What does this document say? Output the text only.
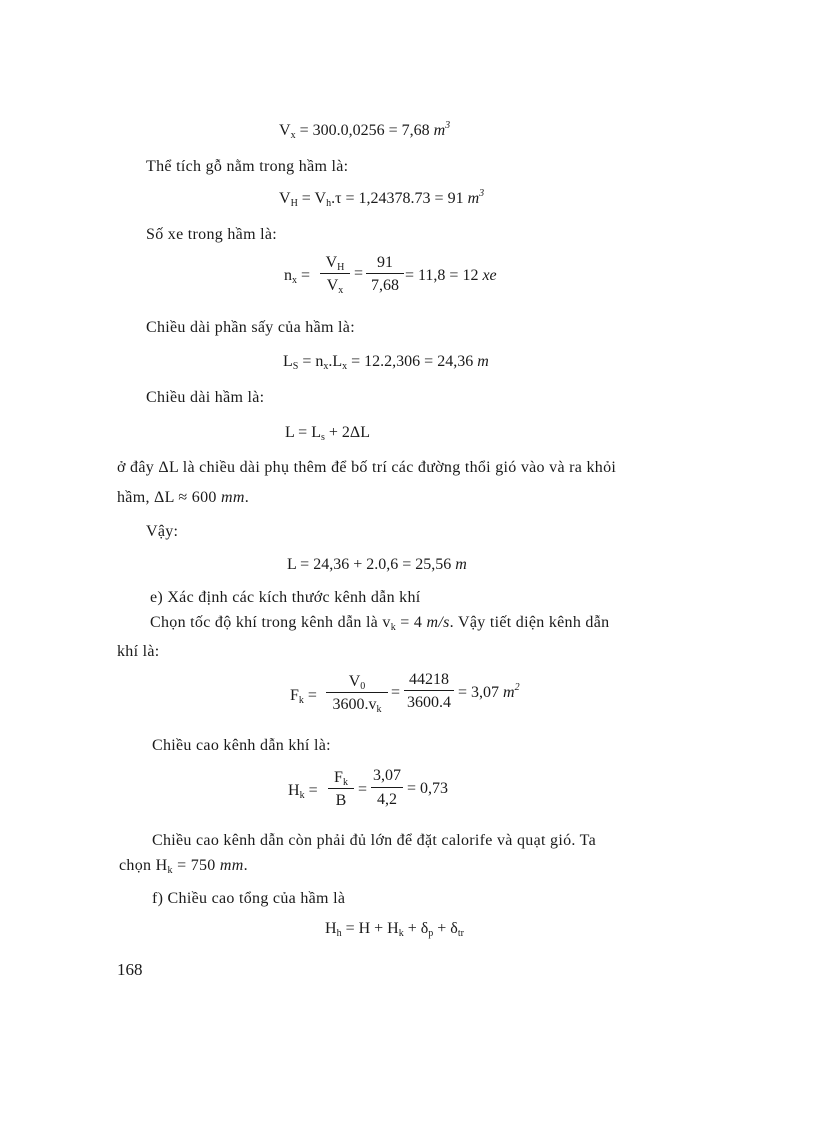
$V_x = 300.0,0256 = 7,68$ $m^3$
Thể tích gỗ nằm trong hầm là:
$V_H = V_h.\tau = 1,24378.73 = 91$ $m^3$
Số xe trong hầm là:
$n_x$ =
$V_H$
$V_x$
=
91
7,68
= 11,8 = 12 xe
Chiều dài phần sấy của hầm là:
$L_S = n_x.L_x = 12.2,306 = 24,36$ m
Chiều dài hầm là:
$L = L_s + 2\Delta L$
ở đây ΔL là chiều dài phụ thêm để bố trí các đường thổi gió vào và ra khỏi
hầm, ΔL ≈ 600 mm.
Vậy:
L = 24,36 + 2.0,6 = 25,56 m
e) Xác định các kích thước kênh dẫn khí
Chọn tốc độ khí trong kênh dẫn là $v_k = 4$ m/s. Vậy tiết diện kênh dẫn
khí là:
$F_k$ =
$V_0$
$3600.v_k$
=
44218
3600.4
= 3,07 $m^2$
Chiều cao kênh dẫn khí là:
$H_k$ =
$F_k$
B
=
3,07
4,2
= 0,73
Chiều cao kênh dẫn còn phải đủ lớn để đặt calorife và quạt gió. Ta
chọn $H_k = 750$ mm.
f) Chiều cao tổng của hầm là
$H_h = H + H_k + \delta_p + \delta_{tr}$
168
